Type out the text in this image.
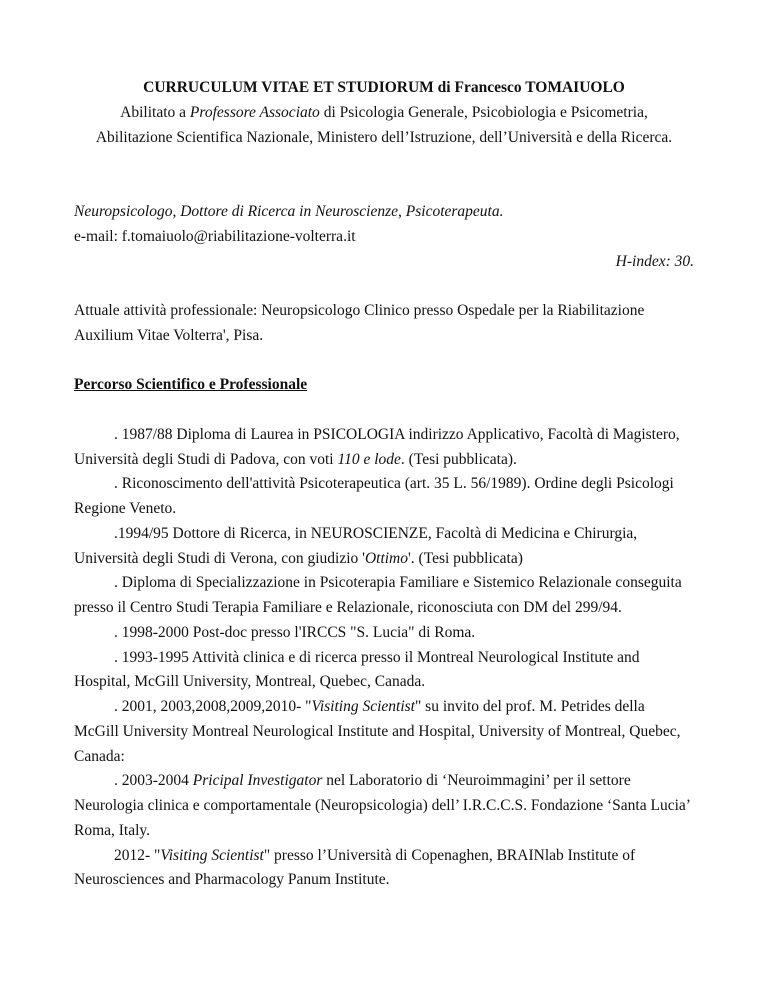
CURRUCULUM VITAE ET STUDIORUM di Francesco TOMAIUOLO
Abilitato a Professore Associato di Psicologia Generale, Psicobiologia e Psicometria,
Abilitazione Scientifica Nazionale, Ministero dell’Istruzione, dell’Università e della Ricerca.
Neuropsicologo, Dottore di Ricerca in Neuroscienze, Psicoterapeuta.
e-mail: f.tomaiuolo@riabilitazione-volterra.it
H-index: 30.
Attuale attività professionale: Neuropsicologo Clinico presso Ospedale per la Riabilitazione
Auxilium Vitae Volterra', Pisa.
Percorso Scientifico e Professionale
. 1987/88 Diploma di Laurea in PSICOLOGIA indirizzo Applicativo, Facoltà di Magistero,
Università degli Studi di Padova, con voti 110 e lode. (Tesi pubblicata).
. Riconoscimento dell'attività Psicoterapeutica (art. 35 L. 56/1989). Ordine degli Psicologi
Regione Veneto.
.1994/95 Dottore di Ricerca, in NEUROSCIENZE, Facoltà di Medicina e Chirurgia,
Università degli Studi di Verona, con giudizio 'Ottimo'. (Tesi pubblicata)
. Diploma di Specializzazione in Psicoterapia Familiare e Sistemico Relazionale conseguita
presso il Centro Studi Terapia Familiare e Relazionale, riconosciuta con DM del 299/94.
. 1998-2000 Post-doc presso l'IRCCS "S. Lucia" di Roma.
. 1993-1995 Attività clinica e di ricerca presso il Montreal Neurological Institute and
Hospital, McGill University, Montreal, Quebec, Canada.
. 2001, 2003,2008,2009,2010- "Visiting Scientist" su invito del prof. M. Petrides della
McGill University Montreal Neurological Institute and Hospital, University of Montreal, Quebec,
Canada:
. 2003-2004 Pricipal Investigator nel Laboratorio di ‘Neuroimmagini’ per il settore
Neurologia clinica e comportamentale (Neuropsicologia) dell’ I.R.C.C.S. Fondazione ‘Santa Lucia’
Roma, Italy.
2012- "Visiting Scientist" presso l’Università di Copenaghen, BRAINlab Institute of
Neurosciences and Pharmacology Panum Institute.
